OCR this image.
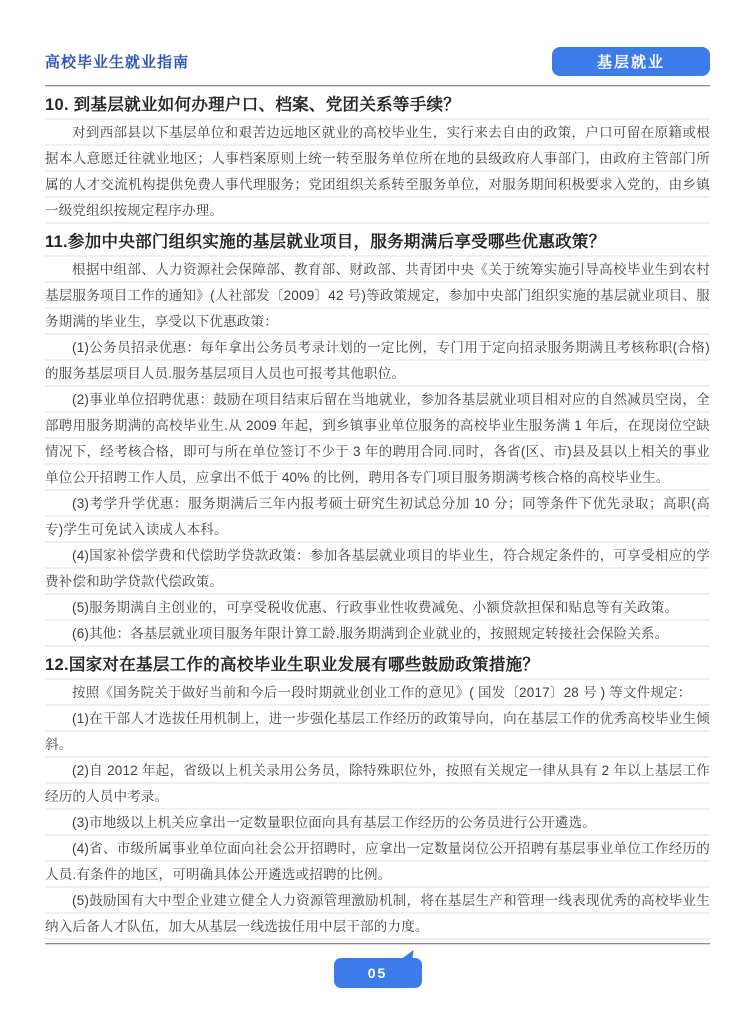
高校毕业生就业指南	基层就业
10. 到基层就业如何办理户口、档案、党团关系等手续？

对到西部县以下基层单位和艰苦边远地区就业的高校毕业生，实行来去自由的政策，户口可留在原籍或根据本人意愿迁往就业地区；人事档案原则上统一转至服务单位所在地的县级政府人事部门，由政府主管部门所属的人才交流机构提供免费人事代理服务；党团组织关系转至服务单位，对服务期间积极要求入党的，由乡镇一级党组织按规定程序办理。

11.参加中央部门组织实施的基层就业项目，服务期满后享受哪些优惠政策？

根据中组部、人力资源社会保障部、教育部、财政部、共青团中央《关于统筹实施引导高校毕业生到农村基层服务项目工作的通知》(人社部发〔2009〕42 号)等政策规定，参加中央部门组织实施的基层就业项目、服务期满的毕业生，享受以下优惠政策：

(1)公务员招录优惠：每年拿出公务员考录计划的一定比例，专门用于定向招录服务期满且考核称职(合格)的服务基层项目人员.服务基层项目人员也可报考其他职位。

(2)事业单位招聘优惠：鼓励在项目结束后留在当地就业，参加各基层就业项目相对应的自然减员空岗，全部聘用服务期满的高校毕业生.从 2009 年起，到乡镇事业单位服务的高校毕业生服务满 1 年后，在现岗位空缺情况下，经考核合格，即可与所在单位签订不少于 3 年的聘用合同.同时，各省(区、市)县及县以上相关的事业单位公开招聘工作人员，应拿出不低于 40% 的比例，聘用各专门项目服务期满考核合格的高校毕业生。

(3)考学升学优惠：服务期满后三年内报考硕士研究生初试总分加 10 分；同等条件下优先录取；高职(高专)学生可免试入读成人本科。

(4)国家补偿学费和代偿助学贷款政策：参加各基层就业项目的毕业生，符合规定条件的，可享受相应的学费补偿和助学贷款代偿政策。

(5)服务期满自主创业的，可享受税收优惠、行政事业性收费减免、小额贷款担保和贴息等有关政策。

(6)其他：各基层就业项目服务年限计算工龄.服务期满到企业就业的，按照规定转接社会保险关系。

12.国家对在基层工作的高校毕业生职业发展有哪些鼓励政策措施？

按照《国务院关于做好当前和今后一段时期就业创业工作的意见》( 国发〔2017〕28 号 ) 等文件规定：

(1)在干部人才选拔任用机制上，进一步强化基层工作经历的政策导向，向在基层工作的优秀高校毕业生倾斜。

(2)自 2012 年起，省级以上机关录用公务员，除特殊职位外，按照有关规定一律从具有 2 年以上基层工作经历的人员中考录。

(3)市地级以上机关应拿出一定数量职位面向具有基层工作经历的公务员进行公开遴选。

(4)省、市级所属事业单位面向社会公开招聘时，应拿出一定数量岗位公开招聘有基层事业单位工作经历的人员.有条件的地区，可明确具体公开遴选或招聘的比例。

(5)鼓励国有大中型企业建立健全人力资源管理激励机制，将在基层生产和管理一线表现优秀的高校毕业生纳入后备人才队伍，加大从基层一线选拔任用中层干部的力度。

05
